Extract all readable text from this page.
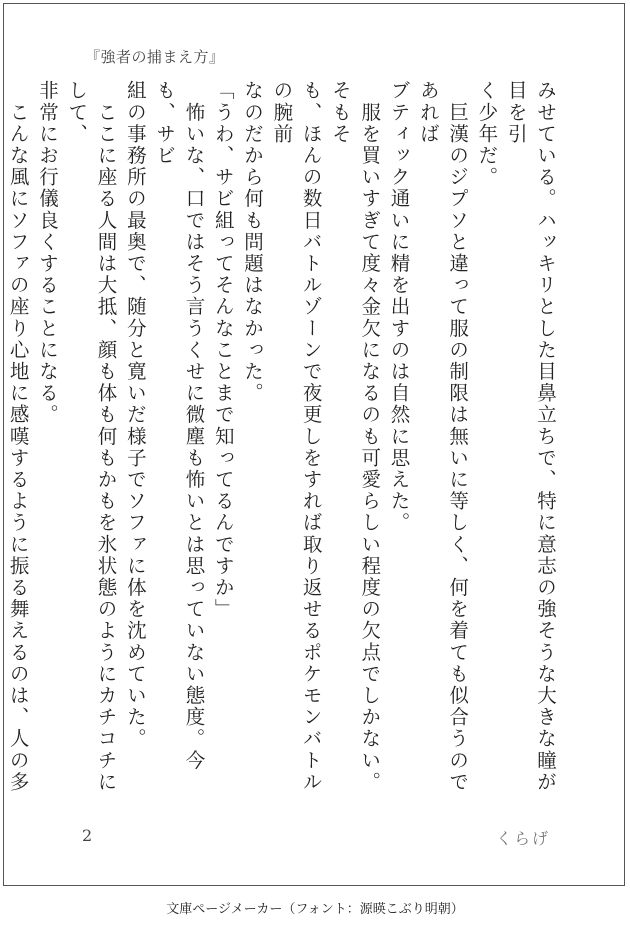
『強者の捕まえ方』

みせている。ハッキリとした目鼻立ちで、特に意志の強そうな大きな瞳が目を引

く少年だ。

　巨漢のジプソと違って服の制限は無いに等しく、何を着ても似合うのであれば

ブティック通いに精を出すのは自然に思えた。

　服を買いすぎて度々金欠になるのも可愛らしい程度の欠点でしかない。そもそ

も、ほんの数日バトルゾーンで夜更しをすれば取り返せるポケモンバトルの腕前

なのだから何も問題はなかった。

「うわ、サビ組ってそんなことまで知ってるんですか」

　怖いな、口ではそう言うくせに微塵も怖いとは思っていない態度。今も、サビ

組の事務所の最奥で、随分と寛いだ様子でソファに体を沈めていた。

　ここに座る人間は大抵、顔も体も何もかもを氷状態のようにカチコチにして、

非常にお行儀良くすることになる。

　こんな風にソファの座り心地に感嘆するように振る舞えるのは、人の多

2	くらげ
文庫ページメーカー（フォント：源暎こぶり明朝）
